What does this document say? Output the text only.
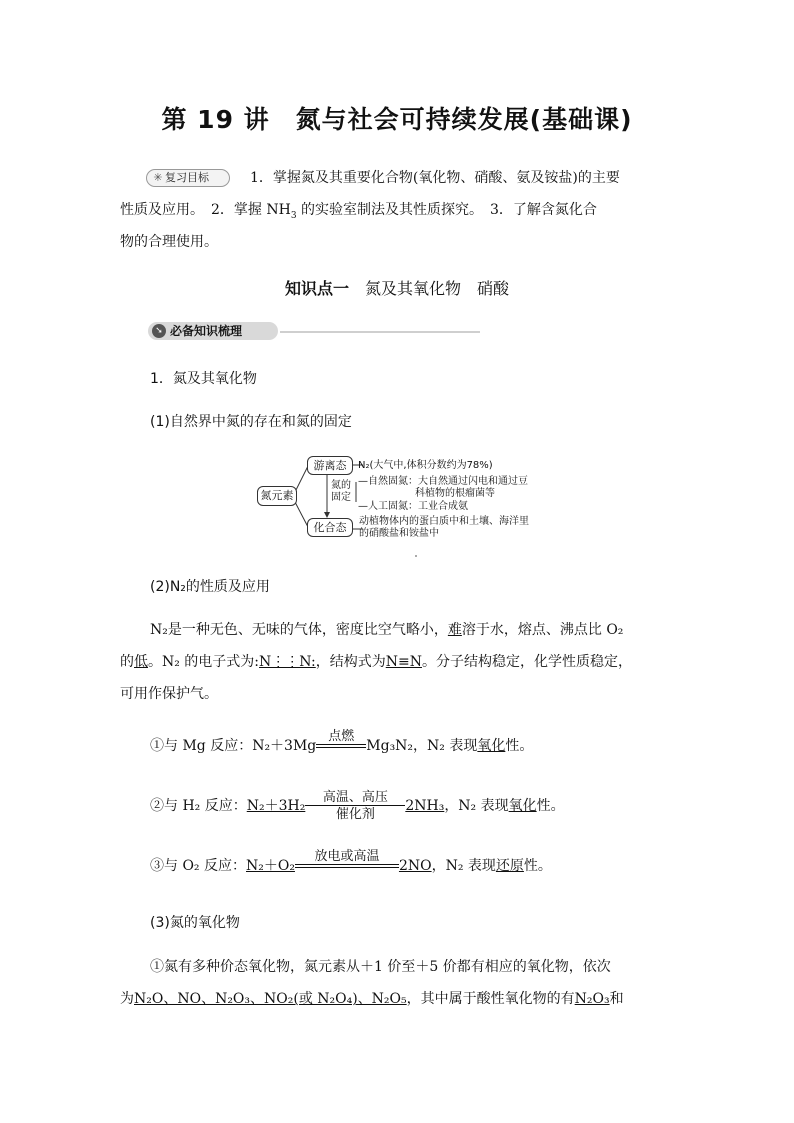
第 19 讲　氮与社会可持续发展(基础课)
✳ 复习目标	1．掌握氮及其重要化合物(氧化物、硝酸、氨及铵盐)的主要
性质及应用。　2．掌握 $NH_3$ 的实验室制法及其性质探究。　3．了解含氮化合
物的合理使用。
知识点一　 氮及其氧化物　硝酸
➘ 必备知识梳理
1．氮及其氧化物
(1)自然界中氮的存在和氮的固定
氮元素
游离态
化合态
氮的固定
N₂(大气中,体积分数约为78%)
—自然固氮：大自然通过闪电和通过豆
科植物的根瘤菌等
—人工固氮：工业合成氨
动植物体内的蛋白质中和土壤、海洋里
的硝酸盐和铵盐中
(2)N₂的性质及应用
N₂是一种无色、无味的气体，密度比空气略小，难溶于水，熔点、沸点比 O₂
的低。N₂ 的电子式为:N⋮⋮N:，结构式为N≡N。分子结构稳定，化学性质稳定，
可用作保护气。
①与 Mg 反应：N₂＋3Mg
点燃

Mg₃N₂，N₂ 表现氧化性。
②与 H₂ 反应：N₂＋3H₂
高温、高压
催化剂	2NH₃，N₂ 表现氧化性。
③与 O₂ 反应：N₂＋O₂
放电或高温

2NO，N₂ 表现还原性。
(3)氮的氧化物
①氮有多种价态氧化物，氮元素从＋1 价至＋5 价都有相应的氧化物，依次
为N₂O、NO、N₂O₃、NO₂(或 N₂O₄)、N₂O₅，其中属于酸性氧化物的有N₂O₃和
